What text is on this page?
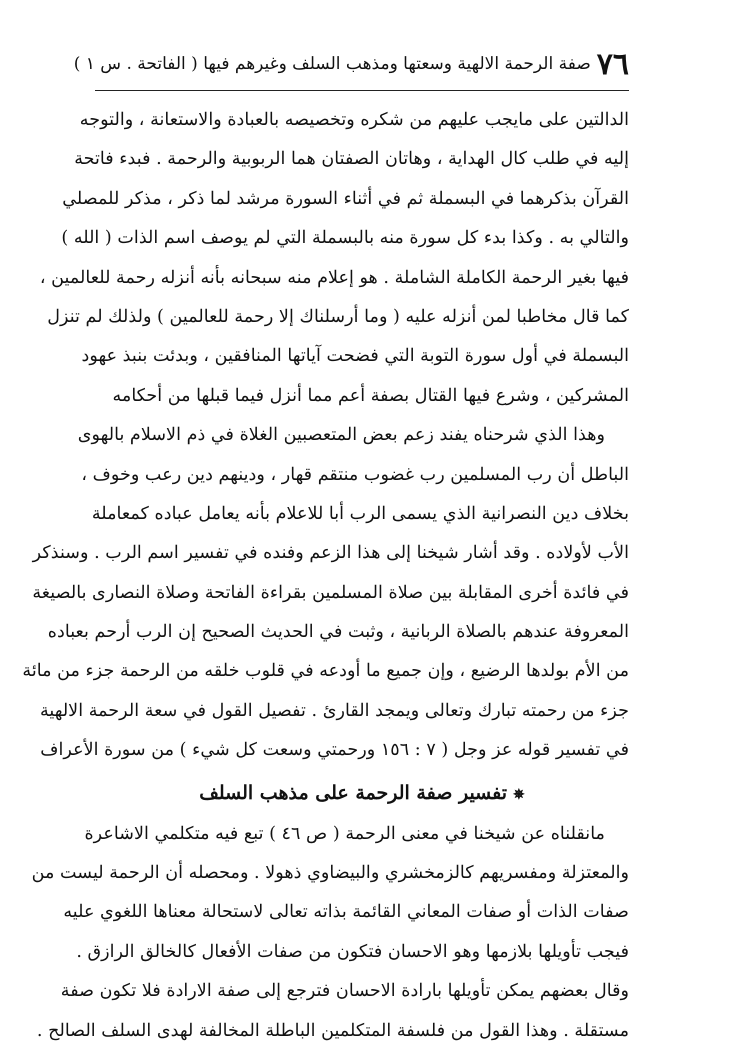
٧٦
صفة الرحمة الالهية وسعتها ومذهب السلف وغيرهم فيها ( الفاتحة . س ١ )
الدالتين على مايجب عليهم من شكره وتخصيصه بالعبادة والاستعانة ، والتوجه
إليه في طلب كال الهداية ، وهاتان الصفتان هما الربوبية والرحمة . فبدء فاتحة
القرآن بذكرهما في البسملة ثم في أثناء السورة مرشد لما ذكر ، مذكر للمصلي
والتالي به . وكذا بدء كل سورة منه بالبسملة التي لم يوصف اسم الذات ( الله )
فيها بغير الرحمة الكاملة الشاملة . هو إعلام منه سبحانه بأنه أنزله رحمة للعالمين ،
كما قال مخاطبا لمن أنزله عليه ( وما أرسلناك إلا رحمة للعالمين ) ولذلك لم تنزل
البسملة في أول سورة التوبة التي فضحت آياتها المنافقين ، وبدئت بنبذ عهود
المشركين ، وشرع فيها القتال بصفة أعم مما أنزل فيما قبلها من أحكامه
وهذا الذي شرحناه يفند زعم بعض المتعصبين الغلاة في ذم الاسلام بالهوى
الباطل أن رب المسلمين رب غضوب منتقم قهار ، ودينهم دين رعب وخوف ،
بخلاف دين النصرانية الذي يسمى الرب أبا للاعلام بأنه يعامل عباده كمعاملة
الأب لأولاده . وقد أشار شيخنا إلى هذا الزعم وفنده في تفسير اسم الرب . وسنذكر
في فائدة أخرى المقابلة بين صلاة المسلمين بقراءة الفاتحة وصلاة النصارى بالصيغة
المعروفة عندهم بالصلاة الربانية ، وثبت في الحديث الصحيح إن الرب أرحم بعباده
من الأم بولدها الرضيع ، وإن جميع ما أودعه في قلوب خلقه من الرحمة جزء من مائة
جزء من رحمته تبارك وتعالى ويمجد القارئ . تفصيل القول في سعة الرحمة الالهية
في تفسير قوله عز وجل ( ٧ : ١٥٦ ورحمتي وسعت كل شيء ) من سورة الأعراف
✵تفسير صفة الرحمة على مذهب السلف
مانقلناه عن شيخنا في معنى الرحمة ( ص ٤٦ ) تبع فيه متكلمي الاشاعرة
والمعتزلة ومفسريهم كالزمخشري والبيضاوي ذهولا . ومحصله أن الرحمة ليست من
صفات الذات أو صفات المعاني القائمة بذاته تعالى لاستحالة معناها اللغوي عليه
فيجب تأويلها بلازمها وهو الاحسان فتكون من صفات الأفعال كالخالق الرازق .
وقال بعضهم يمكن تأويلها بارادة الاحسان فترجع إلى صفة الارادة فلا تكون صفة
مستقلة . وهذا القول من فلسفة المتكلمين الباطلة المخالفة لهدى السلف الصالح .
